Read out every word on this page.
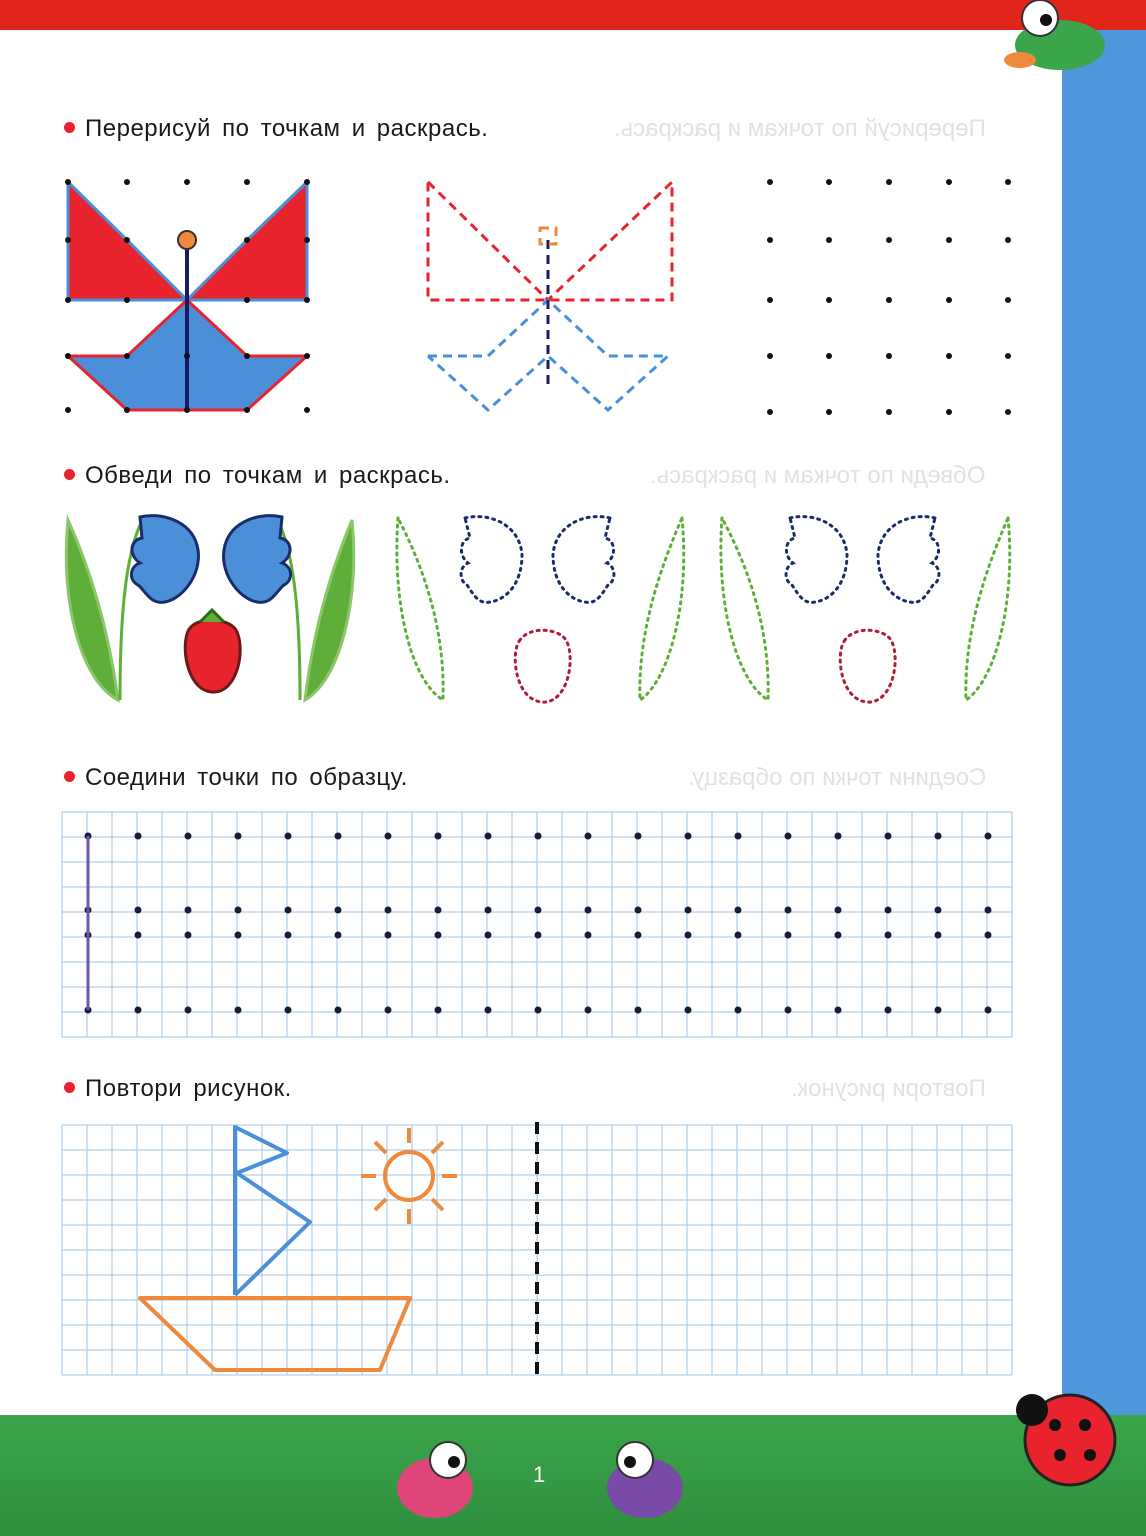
Перерисуй по точкам и раскрась.	Перерисуй по точкам и раскрась.
Обведи по точкам и раскрась.	Обведи по точкам и раскрась.
Соедини точки по образцу.	Соедини точки по образцу.
Повтори рисунок.	Повтори рисунок.
1
